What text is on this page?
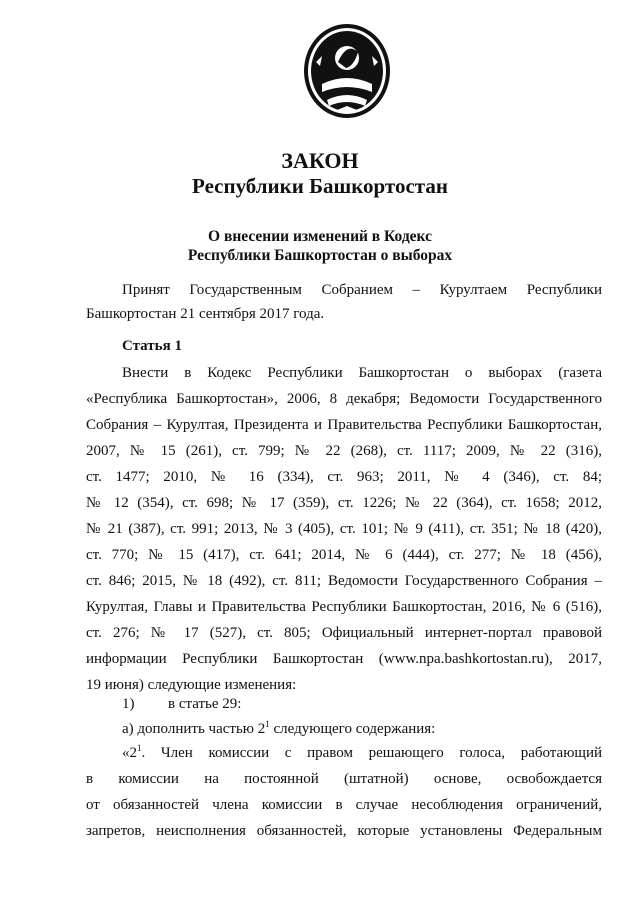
ЗАКОН
Республики Башкортостан
О внесении изменений в Кодекс
Республики Башкортостан о выборах
Принят Государственным Собранием – Курултаем Республики
Башкортостан 21 сентября 2017 года.
Статья 1
Внести в Кодекс Республики Башкортостан о выборах (газета
«Республика Башкортостан», 2006, 8 декабря; Ведомости Государственного
Собрания – Курултая, Президента и Правительства Республики Башкортостан,
2007, № 15 (261), ст. 799; № 22 (268), ст. 1117; 2009, № 22 (316),
ст. 1477; 2010, № 16 (334), ст. 963; 2011, № 4 (346), ст. 84;
№ 12 (354), ст. 698; № 17 (359), ст. 1226; № 22 (364), ст. 1658; 2012,
№ 21 (387), ст. 991; 2013, № 3 (405), ст. 101; № 9 (411), ст. 351; № 18 (420),
ст. 770; № 15 (417), ст. 641; 2014, № 6 (444), ст. 277; № 18 (456),
ст. 846; 2015, № 18 (492), ст. 811; Ведомости Государственного Собрания –
Курултая, Главы и Правительства Республики Башкортостан, 2016, № 6 (516),
ст. 276; № 17 (527), ст. 805; Официальный интернет-портал правовой
информации Республики Башкортостан (www.npa.bashkortostan.ru), 2017,
19 июня) следующие изменения:
1) в статье 29:
а) дополнить частью $2^1$ следующего содержания:
«$2^1$. Член комиссии с правом решающего голоса, работающий
в комиссии на постоянной (штатной) основе, освобождается
от обязанностей члена комиссии в случае несоблюдения ограничений,
запретов, неисполнения обязанностей, которые установлены Федеральным
